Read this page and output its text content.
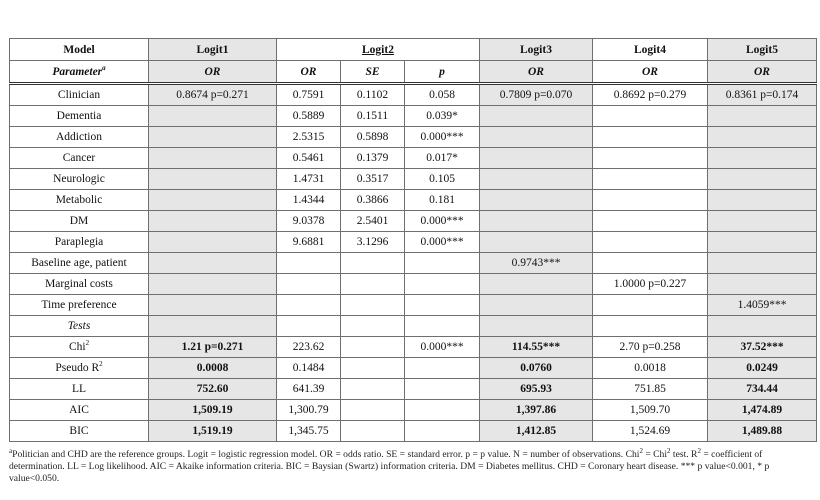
Model	Logit1	Logit2			Logit3	Logit4	Logit5
Parameter$^a$	OR	OR	SE	p	OR	OR	OR
Clinician	0.8674 p=0.271	0.7591	0.1102	0.058	0.7809 p=0.070	0.8692 p=0.279	0.8361 p=0.174
Dementia		0.5889	0.1511	0.039*			
Addiction		2.5315	0.5898	0.000***			
Cancer		0.5461	0.1379	0.017*			
Neurologic		1.4731	0.3517	0.105			
Metabolic		1.4344	0.3866	0.181			
DM		9.0378	2.5401	0.000***			
Paraplegia		9.6881	3.1296	0.000***			
Baseline age, patient					0.9743***		
Marginal costs						1.0000 p=0.227	
Time preference							1.4059***
Tests							
Chi$^2$	1.21 p=0.271	223.62		0.000***	114.55***	2.70 p=0.258	37.52***
Pseudo $R^2$	0.0008	0.1484			0.0760	0.0018	0.0249
LL	752.60	641.39			695.93	751.85	734.44
AIC	1,509.19	1,300.79			1,397.86	1,509.70	1,474.89
BIC	1,519.19	1,345.75			1,412.85	1,524.69	1,489.88
$^a$Politician and CHD are the reference groups. Logit = logistic regression model. OR = odds ratio. SE = standard error. p = p value. N = number of observations. Chi$^2$ = Chi$^2$ test. $R^2$ = coefficient of determination. LL = Log likelihood. AIC = Akaike information criteria. BIC = Baysian (Swartz) information criteria. DM = Diabetes mellitus. CHD = Coronary heart disease. *** p value<0.001, * p value<0.050.
